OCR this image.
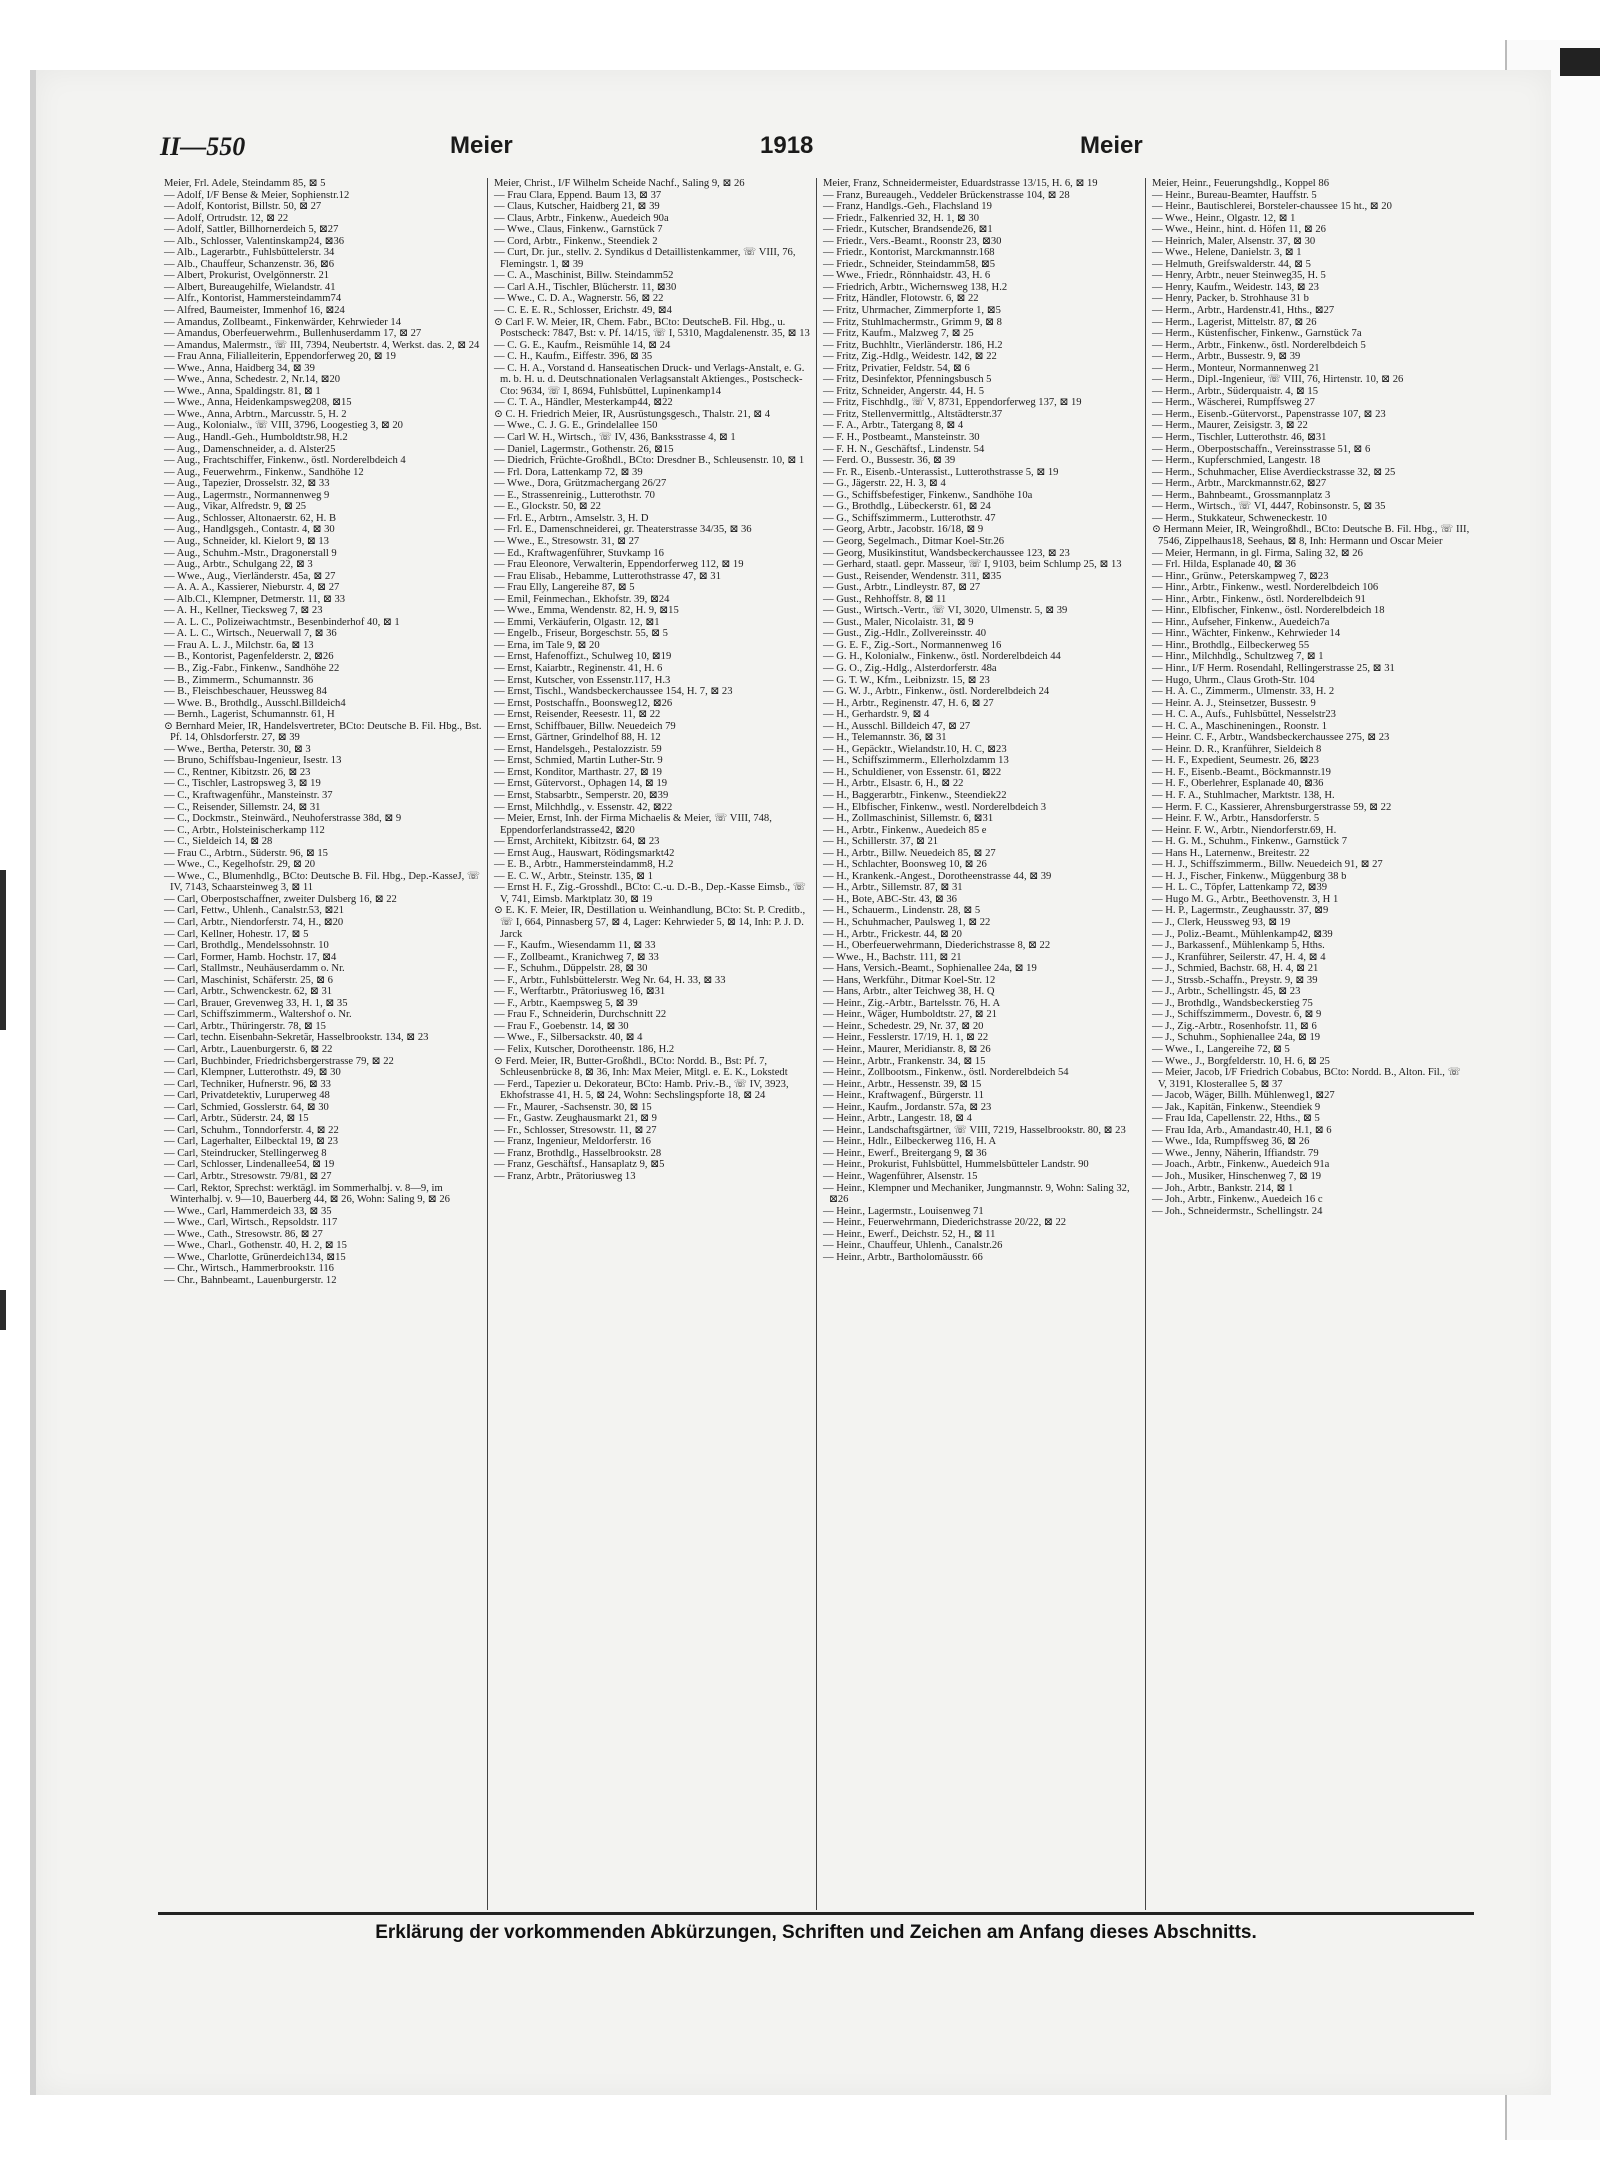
II—550	Meier	1918	Meier

Meier, Frl. Adele, Steindamm 85, ⊠ 5

— Adolf, I/F Bense & Meier, Sophienstr.12

— Adolf, Kontorist, Billstr. 50, ⊠ 27

— Adolf, Ortrudstr. 12, ⊠ 22

— Adolf, Sattler, Billhornerdeich 5, ⊠27

— Alb., Schlosser, Valentinskamp24, ⊠36

— Alb., Lagerarbtr., Fuhlsbüttelerstr. 34

— Alb., Chauffeur, Schanzenstr. 36, ⊠6

— Albert, Prokurist, Ovelgönnerstr. 21

— Albert, Bureaugehilfe, Wielandstr. 41

— Alfr., Kontorist, Hammersteindamm74

— Alfred, Baumeister, Immenhof 16, ⊠24

— Amandus, Zollbeamt., Finkenwärder, Kehrwieder 14

— Amandus, Oberfeuerwehrm., Bullenhuserdamm 17, ⊠ 27

— Amandus, Malermstr., ☏ III, 7394, Neubertstr. 4, Werkst. das. 2, ⊠ 24

— Frau Anna, Filialleiterin, Eppendorferweg 20, ⊠ 19

— Wwe., Anna, Haidberg 34, ⊠ 39

— Wwe., Anna, Schedestr. 2, Nr.14, ⊠20

— Wwe., Anna, Spaldingstr. 81, ⊠ 1

— Wwe., Anna, Heidenkampsweg208, ⊠15

— Wwe., Anna, Arbtrn., Marcusstr. 5, H. 2

— Aug., Kolonialw., ☏ VIII, 3796, Loogestieg 3, ⊠ 20

— Aug., Handl.-Geh., Humboldtstr.98, H.2

— Aug., Damenschneider, a. d. Alster25

— Aug., Frachtschiffer, Finkenw., östl. Norderelbdeich 4

— Aug., Feuerwehrm., Finkenw., Sandhöhe 12

— Aug., Tapezier, Drosselstr. 32, ⊠ 33

— Aug., Lagermstr., Normannenweg 9

— Aug., Vikar, Alfredstr. 9, ⊠ 25

— Aug., Schlosser, Altonaerstr. 62, H. B

— Aug., Handlgsgeh., Contastr. 4, ⊠ 30

— Aug., Schneider, kl. Kielort 9, ⊠ 13

— Aug., Schuhm.-Mstr., Dragonerstall 9

— Aug., Arbtr., Schulgang 22, ⊠ 3

— Wwe., Aug., Vierländerstr. 45a, ⊠ 27

— A. A. A., Kassierer, Nieburstr. 4, ⊠ 27

— Alb.Cl., Klempner, Detmerstr. 11, ⊠ 33

— A. H., Kellner, Tiecksweg 7, ⊠ 23

— A. L. C., Polizeiwachtmstr., Besenbinderhof 40, ⊠ 1

— A. L. C., Wirtsch., Neuerwall 7, ⊠ 36

— Frau A. L. J., Milchstr. 6a, ⊠ 13

— B., Kontorist, Pagenfelderstr. 2, ⊠26

— B., Zig.-Fabr., Finkenw., Sandhöhe 22

— B., Zimmerm., Schumannstr. 36

— B., Fleischbeschauer, Heussweg 84

— Wwe. B., Brothdlg., Ausschl.Billdeich4

— Bernh., Lagerist, Schumannstr. 61, H

⊙ Bernhard Meier, IR, Handelsvertreter, BCto: Deutsche B. Fil. Hbg., Bst. Pf. 14, Ohlsdorferstr. 27, ⊠ 39

— Wwe., Bertha, Peterstr. 30, ⊠ 3

— Bruno, Schiffsbau-Ingenieur, Isestr. 13

— C., Rentner, Kibitzstr. 26, ⊠ 23

— C., Tischler, Lastropsweg 3, ⊠ 19

— C., Kraftwagenführ., Mansteinstr. 37

— C., Reisender, Sillemstr. 24, ⊠ 31

— C., Dockmstr., Steinwärd., Neuhoferstrasse 38d, ⊠ 9

— C., Arbtr., Holsteinischerkamp 112

— C., Sieldeich 14, ⊠ 28

— Frau C., Arbtrn., Süderstr. 96, ⊠ 15

— Wwe., C., Kegelhofstr. 29, ⊠ 20

— Wwe., C., Blumenhdlg., BCto: Deutsche B. Fil. Hbg., Dep.-KasseJ, ☏ IV, 7143, Schaarsteinweg 3, ⊠ 11

— Carl, Oberpostschaffner, zweiter Dulsberg 16, ⊠ 22

— Carl, Fettw., Uhlenh., Canalstr.53, ⊠21

— Carl, Arbtr., Niendorferstr. 74, H., ⊠20

— Carl, Kellner, Hohestr. 17, ⊠ 5

— Carl, Brothdlg., Mendelssohnstr. 10

— Carl, Former, Hamb. Hochstr. 17, ⊠4

— Carl, Stallmstr., Neuhäuserdamm o. Nr.

— Carl, Maschinist, Schäferstr. 25, ⊠ 6

— Carl, Arbtr., Schwenckestr. 62, ⊠ 31

— Carl, Brauer, Grevenweg 33, H. 1, ⊠ 35

— Carl, Schiffszimmerm., Waltershof o. Nr.

— Carl, Arbtr., Thüringerstr. 78, ⊠ 15

— Carl, techn. Eisenbahn-Sekretär, Hasselbrookstr. 134, ⊠ 23

— Carl, Arbtr., Lauenburgerstr. 6, ⊠ 22

— Carl, Buchbinder, Friedrichsbergerstrasse 79, ⊠ 22

— Carl, Klempner, Lutterothstr. 49, ⊠ 30

— Carl, Techniker, Hufnerstr. 96, ⊠ 33

— Carl, Privatdetektiv, Luruperweg 48

— Carl, Schmied, Gosslerstr. 64, ⊠ 30

— Carl, Arbtr., Süderstr. 24, ⊠ 15

— Carl, Schuhm., Tonndorferstr. 4, ⊠ 22

— Carl, Lagerhalter, Eilbecktal 19, ⊠ 23

— Carl, Steindrucker, Stellingerweg 8

— Carl, Schlosser, Lindenallee54, ⊠ 19

— Carl, Arbtr., Stresowstr. 79/81, ⊠ 27

— Carl, Rektor, Sprechst: werktägl. im Sommerhalbj. v. 8—9, im Winterhalbj. v. 9—10, Bauerberg 44, ⊠ 26, Wohn: Saling 9, ⊠ 26

— Wwe., Carl, Hammerdeich 33, ⊠ 35

— Wwe., Carl, Wirtsch., Repsoldstr. 117

— Wwe., Cath., Stresowstr. 86, ⊠ 27

— Wwe., Charl., Gothenstr. 40, H. 2, ⊠ 15

— Wwe., Charlotte, Grünerdeich134, ⊠15

— Chr., Wirtsch., Hammerbrookstr. 116

— Chr., Bahnbeamt., Lauenburgerstr. 12

Meier, Christ., I/F Wilhelm Scheide Nachf., Saling 9, ⊠ 26

— Frau Clara, Eppend. Baum 13, ⊠ 37

— Claus, Kutscher, Haidberg 21, ⊠ 39

— Claus, Arbtr., Finkenw., Auedeich 90a

— Wwe., Claus, Finkenw., Garnstück 7

— Cord, Arbtr., Finkenw., Steendiek 2

— Curt, Dr. jur., stellv. 2. Syndikus d Detaillistenkammer, ☏ VIII, 76, Flemingstr. 1, ⊠ 39

— C. A., Maschinist, Billw. Steindamm52

— Carl A.H., Tischler, Blücherstr. 11, ⊠30

— Wwe., C. D. A., Wagnerstr. 56, ⊠ 22

— C. E. E. R., Schlosser, Erichstr. 49, ⊠4

⊙ Carl F. W. Meier, IR, Chem. Fabr., BCto: DeutscheB. Fil. Hbg., u. Postscheck: 7847, Bst: v. Pf. 14/15, ☏ I, 5310, Magdalenenstr. 35, ⊠ 13

— C. G. E., Kaufm., Reismühle 14, ⊠ 24

— C. H., Kaufm., Eiffestr. 396, ⊠ 35

— C. H. A., Vorstand d. Hanseatischen Druck- und Verlags-Anstalt, e. G. m. b. H. u. d. Deutschnationalen Verlagsanstalt Aktienges., Postscheck-Cto: 9634, ☏ I, 8694, Fuhlsbüttel, Lupinenkamp14

— C. T. A., Händler, Mesterkamp44, ⊠22

⊙ C. H. Friedrich Meier, IR, Ausrüstungsgesch., Thalstr. 21, ⊠ 4

— Wwe., C. J. G. E., Grindelallee 150

— Carl W. H., Wirtsch., ☏ IV, 436, Banksstrasse 4, ⊠ 1

— Daniel, Lagermstr., Gothenstr. 26, ⊠15

— Diedrich, Früchte-Großhdl., BCto: Dresdner B., Schleusenstr. 10, ⊠ 1

— Frl. Dora, Lattenkamp 72, ⊠ 39

— Wwe., Dora, Grützmachergang 26/27

— E., Strassenreinig., Lutterothstr. 70

— E., Glockstr. 50, ⊠ 22

— Frl. E., Arbtrn., Amselstr. 3, H. D

— Frl. E., Damenschneiderei, gr. Theaterstrasse 34/35, ⊠ 36

— Wwe., E., Stresowstr. 31, ⊠ 27

— Ed., Kraftwagenführer, Stuvkamp 16

— Frau Eleonore, Verwalterin, Eppendorferweg 112, ⊠ 19

— Frau Elisab., Hebamme, Lutterothstrasse 47, ⊠ 31

— Frau Elly, Langereihe 87, ⊠ 5

— Emil, Feinmechan., Ekhofstr. 39, ⊠24

— Wwe., Emma, Wendenstr. 82, H. 9, ⊠15

— Emmi, Verkäuferin, Olgastr. 12, ⊠1

— Engelb., Friseur, Borgeschstr. 55, ⊠ 5

— Erna, im Tale 9, ⊠ 20

— Ernst, Hafenoffizt., Schulweg 10, ⊠19

— Ernst, Kaiarbtr., Reginenstr. 41, H. 6

— Ernst, Kutscher, von Essenstr.117, H.3

— Ernst, Tischl., Wandsbeckerchaussee 154, H. 7, ⊠ 23

— Ernst, Postschaffn., Boonsweg12, ⊠26

— Ernst, Reisender, Reesestr. 11, ⊠ 22

— Ernst, Schiffbauer, Billw. Neuedeich 79

— Ernst, Gärtner, Grindelhof 88, H. 12

— Ernst, Handelsgeh., Pestalozzistr. 59

— Ernst, Schmied, Martin Luther-Str. 9

— Ernst, Konditor, Marthastr. 27, ⊠ 19

— Ernst, Gütervorst., Ophagen 14, ⊠ 19

— Ernst, Stabsarbtr., Semperstr. 20, ⊠39

— Ernst, Milchhdlg., v. Essenstr. 42, ⊠22

— Meier, Ernst, Inh. der Firma Michaelis & Meier, ☏ VIII, 748, Eppendorferlandstrasse42, ⊠20

— Ernst, Architekt, Kibitzstr. 64, ⊠ 23

— Ernst Aug., Hauswart, Rödingsmarkt42

— E. B., Arbtr., Hammersteindamm8, H.2

— E. C. W., Arbtr., Steinstr. 135, ⊠ 1

— Ernst H. F., Zig.-Grosshdl., BCto: C.-u. D.-B., Dep.-Kasse Eimsb., ☏ V, 741, Eimsb. Marktplatz 30, ⊠ 19

⊙ E. K. F. Meier, IR, Destillation u. Weinhandlung, BCto: St. P. Creditb., ☏ I, 664, Pinnasberg 57, ⊠ 4, Lager: Kehrwieder 5, ⊠ 14, Inh: P. J. D. Jarck

— F., Kaufm., Wiesendamm 11, ⊠ 33

— F., Zollbeamt., Kranichweg 7, ⊠ 33

— F., Schuhm., Düppelstr. 28, ⊠ 30

— F., Arbtr., Fuhlsbüttelerstr. Weg Nr. 64, H. 33, ⊠ 33

— F., Werftarbtr., Prätoriusweg 16, ⊠31

— F., Arbtr., Kaempsweg 5, ⊠ 39

— Frau F., Schneiderin, Durchschnitt 22

— Frau F., Goebenstr. 14, ⊠ 30

— Wwe., F., Silbersackstr. 40, ⊠ 4

— Felix, Kutscher, Dorotheenstr. 186, H.2

⊙ Ferd. Meier, IR, Butter-Großhdl., BCto: Nordd. B., Bst: Pf. 7, Schleusenbrücke 8, ⊠ 36, Inh: Max Meier, Mitgl. e. E. K., Lokstedt

— Ferd., Tapezier u. Dekorateur, BCto: Hamb. Priv.-B., ☏ IV, 3923, Ekhofstrasse 41, H. 5, ⊠ 24, Wohn: Sechslingspforte 18, ⊠ 24

— Fr., Maurer, -Sachsenstr. 30, ⊠ 15

— Fr., Gastw. Zeughausmarkt 21, ⊠ 9

— Fr., Schlosser, Stresowstr. 11, ⊠ 27

— Franz, Ingenieur, Meldorferstr. 16

— Franz, Brothdlg., Hasselbrookstr. 28

— Franz, Geschäftsf., Hansaplatz 9, ⊠5

— Franz, Arbtr., Prätoriusweg 13

Meier, Franz, Schneidermeister, Eduardstrasse 13/15, H. 6, ⊠ 19

— Franz, Bureaugeh., Veddeler Brückenstrasse 104, ⊠ 28

— Franz, Handlgs.-Geh., Flachsland 19

— Friedr., Falkenried 32, H. 1, ⊠ 30

— Friedr., Kutscher, Brandsende26, ⊠1

— Friedr., Vers.-Beamt., Roonstr 23, ⊠30

— Friedr., Kontorist, Marckmannstr.168

— Friedr., Schneider, Steindamm58, ⊠5

— Wwe., Friedr., Rönnhaidstr. 43, H. 6

— Friedrich, Arbtr., Wichernsweg 138, H.2

— Fritz, Händler, Flotowstr. 6, ⊠ 22

— Fritz, Uhrmacher, Zimmerpforte 1, ⊠5

— Fritz, Stuhlmachermstr., Grimm 9, ⊠ 8

— Fritz, Kaufm., Malzweg 7, ⊠ 25

— Fritz, Buchhltr., Vierländerstr. 186, H.2

— Fritz, Zig.-Hdlg., Weidestr. 142, ⊠ 22

— Fritz, Privatier, Feldstr. 54, ⊠ 6

— Fritz, Desinfektor, Pfenningsbusch 5

— Fritz, Schneider, Angerstr. 44, H. 5

— Fritz, Fischhdlg., ☏ V, 8731, Eppendorferweg 137, ⊠ 19

— Fritz, Stellenvermittlg., Altstädterstr.37

— F. A., Arbtr., Tatergang 8, ⊠ 4

— F. H., Postbeamt., Mansteinstr. 30

— F. H. N., Geschäftsf., Lindenstr. 54

— Ferd. O., Bussestr. 36, ⊠ 39

— Fr. R., Eisenb.-Unterassist., Lutterothstrasse 5, ⊠ 19

— G., Jägerstr. 22, H. 3, ⊠ 4

— G., Schiffsbefestiger, Finkenw., Sandhöhe 10a

— G., Brothdlg., Lübeckerstr. 61, ⊠ 24

— G., Schiffszimmerm., Lutterothstr. 47

— Georg, Arbtr., Jacobstr. 16/18, ⊠ 9

— Georg, Segelmach., Ditmar Koel-Str.26

— Georg, Musikinstitut, Wandsbeckerchaussee 123, ⊠ 23

— Gerhard, staatl. gepr. Masseur, ☏ I, 9103, beim Schlump 25, ⊠ 13

— Gust., Reisender, Wendenstr. 311, ⊠35

— Gust., Arbtr., Lindleystr. 87, ⊠ 27

— Gust., Rehhoffstr. 8, ⊠ 11

— Gust., Wirtsch.-Vertr., ☏ VI, 3020, Ulmenstr. 5, ⊠ 39

— Gust., Maler, Nicolaistr. 31, ⊠ 9

— Gust., Zig.-Hdlr., Zollvereinsstr. 40

— G. E. F., Zig.-Sort., Normannenweg 16

— G. H., Kolonialw., Finkenw., östl. Norderelbdeich 44

— G. O., Zig.-Hdlg., Alsterdorferstr. 48a

— G. T. W., Kfm., Leibnizstr. 15, ⊠ 23

— G. W. J., Arbtr., Finkenw., östl. Norderelbdeich 24

— H., Arbtr., Reginenstr. 47, H. 6, ⊠ 27

— H., Gerhardstr. 9, ⊠ 4

— H., Ausschl. Billdeich 47, ⊠ 27

— H., Telemannstr. 36, ⊠ 31

— H., Gepäcktr., Wielandstr.10, H. C, ⊠23

— H., Schiffszimmerm., Ellerholzdamm 13

— H., Schuldiener, von Essenstr. 61, ⊠22

— H., Arbtr., Elsastr. 6, H., ⊠ 22

— H., Baggerarbtr., Finkenw., Steendiek22

— H., Elbfischer, Finkenw., westl. Norderelbdeich 3

— H., Zollmaschinist, Sillemstr. 6, ⊠31

— H., Arbtr., Finkenw., Auedeich 85 e

— H., Schillerstr. 37, ⊠ 21

— H., Arbtr., Billw. Neuedeich 85, ⊠ 27

— H., Schlachter, Boonsweg 10, ⊠ 26

— H., Krankenk.-Angest., Dorotheenstrasse 44, ⊠ 39

— H., Arbtr., Sillemstr. 87, ⊠ 31

— H., Bote, ABC-Str. 43, ⊠ 36

— H., Schauerm., Lindenstr. 28, ⊠ 5

— H., Schuhmacher, Paulsweg 1, ⊠ 22

— H., Arbtr., Frickestr. 44, ⊠ 20

— H., Oberfeuerwehrmann, Diederichstrasse 8, ⊠ 22

— Wwe., H., Bachstr. 111, ⊠ 21

— Hans, Versich.-Beamt., Sophienallee 24a, ⊠ 19

— Hans, Werkführ., Ditmar Koel-Str. 12

— Hans, Arbtr., alter Teichweg 38, H. Q

— Heinr., Zig.-Arbtr., Bartelsstr. 76, H. A

— Heinr., Wäger, Humboldtstr. 27, ⊠ 21

— Heinr., Schedestr. 29, Nr. 37, ⊠ 20

— Heinr., Fesslerstr. 17/19, H. 1, ⊠ 22

— Heinr., Maurer, Meridianstr. 8, ⊠ 26

— Heinr., Arbtr., Frankenstr. 34, ⊠ 15

— Heinr., Zollbootsm., Finkenw., östl. Norderelbdeich 54

— Heinr., Arbtr., Hessenstr. 39, ⊠ 15

— Heinr., Kraftwagenf., Bürgerstr. 11

— Heinr., Kaufm., Jordanstr. 57a, ⊠ 23

— Heinr., Arbtr., Langestr. 18, ⊠ 4

— Heinr., Landschaftsgärtner, ☏ VIII, 7219, Hasselbrookstr. 80, ⊠ 23

— Heinr., Hdlr., Eilbeckerweg 116, H. A

— Heinr., Ewerf., Breitergang 9, ⊠ 36

— Heinr., Prokurist, Fuhlsbüttel, Hummelsbütteler Landstr. 90

— Heinr., Wagenführer, Alsenstr. 15

— Heinr., Klempner und Mechaniker, Jungmannstr. 9, Wohn: Saling 32, ⊠26

— Heinr., Lagermstr., Louisenweg 71

— Heinr., Feuerwehrmann, Diederichstrasse 20/22, ⊠ 22

— Heinr., Ewerf., Deichstr. 52, H., ⊠ 11

— Heinr., Chauffeur, Uhlenh., Canalstr.26

— Heinr., Arbtr., Bartholomäusstr. 66

Meier, Heinr., Feuerungshdlg., Koppel 86

— Heinr., Bureau-Beamter, Hauffstr. 5

— Heinr., Bautischlerei, Borsteler-chaussee 15 ht., ⊠ 20

— Wwe., Heinr., Olgastr. 12, ⊠ 1

— Wwe., Heinr., hint. d. Höfen 11, ⊠ 26

— Heinrich, Maler, Alsenstr. 37, ⊠ 30

— Wwe., Helene, Danielstr. 3, ⊠ 1

— Helmuth, Greifswalderstr. 44, ⊠ 5

— Henry, Arbtr., neuer Steinweg35, H. 5

— Henry, Kaufm., Weidestr. 143, ⊠ 23

— Henry, Packer, b. Strohhause 31 b

— Herm., Arbtr., Hardenstr.41, Hths., ⊠27

— Herm., Lagerist, Mittelstr. 87, ⊠ 26

— Herm., Küstenfischer, Finkenw., Garnstück 7a

— Herm., Arbtr., Finkenw., östl. Norderelbdeich 5

— Herm., Arbtr., Bussestr. 9, ⊠ 39

— Herm., Monteur, Normannenweg 21

— Herm., Dipl.-Ingenieur, ☏ VIII, 76, Hirtenstr. 10, ⊠ 26

— Herm., Arbtr., Süderquaistr. 4, ⊠ 15

— Herm., Wäscherei, Rumpffsweg 27

— Herm., Eisenb.-Gütervorst., Papenstrasse 107, ⊠ 23

— Herm., Maurer, Zeisigstr. 3, ⊠ 22

— Herm., Tischler, Lutterothstr. 46, ⊠31

— Herm., Oberpostschaffn., Vereinsstrasse 51, ⊠ 6

— Herm., Kupferschmied, Langestr. 18

— Herm., Schuhmacher, Elise Averdieckstrasse 32, ⊠ 25

— Herm., Arbtr., Marckmannstr.62, ⊠27

— Herm., Bahnbeamt., Grossmannplatz 3

— Herm., Wirtsch., ☏ VI, 4447, Robinsonstr. 5, ⊠ 35

— Herm., Stukkateur, Schweneckestr. 10

⊙ Hermann Meier, IR, Weingroßhdl., BCto: Deutsche B. Fil. Hbg., ☏ III, 7546, Zippelhaus18, Seehaus, ⊠ 8, Inh: Hermann und Oscar Meier

— Meier, Hermann, in gl. Firma, Saling 32, ⊠ 26

— Frl. Hilda, Esplanade 40, ⊠ 36

— Hinr., Grünw., Peterskampweg 7, ⊠23

— Hinr., Arbtr., Finkenw., westl. Norderelbdeich 106

— Hinr., Arbtr., Finkenw., östl. Norderelbdeich 91

— Hinr., Elbfischer, Finkenw., östl. Norderelbdeich 18

— Hinr., Aufseher, Finkenw., Auedeich7a

— Hinr., Wächter, Finkenw., Kehrwieder 14

— Hinr., Brothdlg., Eilbeckerweg 55

— Hinr., Milchhdlg., Schultzweg 7, ⊠ 1

— Hinr., I/F Herm. Rosendahl, Rellingerstrasse 25, ⊠ 31

— Hugo, Uhrm., Claus Groth-Str. 104

— H. A. C., Zimmerm., Ulmenstr. 33, H. 2

— Heinr. A. J., Steinsetzer, Bussestr. 9

— H. C. A., Aufs., Fuhlsbüttel, Nesselstr23

— H. C. A., Maschineningen., Roonstr. 1

— Heinr. C. F., Arbtr., Wandsbeckerchaussee 275, ⊠ 23

— Heinr. D. R., Kranführer, Sieldeich 8

— H. F., Expedient, Seumestr. 26, ⊠23

— H. F., Eisenb.-Beamt., Böckmannstr.19

— H. F., Oberlehrer, Esplanade 40, ⊠36

— H. F. A., Stuhlmacher, Marktstr. 138, H.

— Herm. F. C., Kassierer, Ahrensburgerstrasse 59, ⊠ 22

— Heinr. F. W., Arbtr., Hansdorferstr. 5

— Heinr. F. W., Arbtr., Niendorferstr.69, H.

— H. G. M., Schuhm., Finkenw., Garnstück 7

— Hans H., Laternenw., Breitestr. 22

— H. J., Schiffszimmerm., Billw. Neuedeich 91, ⊠ 27

— H. J., Fischer, Finkenw., Müggenburg 38 b

— H. L. C., Töpfer, Lattenkamp 72, ⊠39

— Hugo M. G., Arbtr., Beethovenstr. 3, H 1

— H. P., Lagermstr., Zeughausstr. 37, ⊠9

— J., Clerk, Heussweg 93, ⊠ 19

— J., Poliz.-Beamt., Mühlenkamp42, ⊠39

— J., Barkassenf., Mühlenkamp 5, Hths.

— J., Kranführer, Seilerstr. 47, H. 4, ⊠ 4

— J., Schmied, Bachstr. 68, H. 4, ⊠ 21

— J., Strssb.-Schaffn., Preystr. 9, ⊠ 39

— J., Arbtr., Schellingstr. 45, ⊠ 23

— J., Brothdlg., Wandsbeckerstieg 75

— J., Schiffszimmerm., Dovestr. 6, ⊠ 9

— J., Zig.-Arbtr., Rosenhofstr. 11, ⊠ 6

— J., Schuhm., Sophienallee 24a, ⊠ 19

— Wwe., I., Langereihe 72, ⊠ 5

— Wwe., J., Borgfelderstr. 10, H. 6, ⊠ 25

— Meier, Jacob, I/F Friedrich Cobabus, BCto: Nordd. B., Alton. Fil., ☏ V, 3191, Klosterallee 5, ⊠ 37

— Jacob, Wäger, Billh. Mühlenweg1, ⊠27

— Jak., Kapitän, Finkenw., Steendiek 9

— Frau Ida, Capellenstr. 22, Hths., ⊠ 5

— Frau Ida, Arb., Amandastr.40, H.1, ⊠ 6

— Wwe., Ida, Rumpffsweg 36, ⊠ 26

— Wwe., Jenny, Näherin, Iffiandstr. 79

— Joach., Arbtr., Finkenw., Auedeich 91a

— Joh., Musiker, Hinschenweg 7, ⊠ 19

— Joh., Arbtr., Bankstr. 214, ⊠ 1

— Joh., Arbtr., Finkenw., Auedeich 16 c

— Joh., Schneidermstr., Schellingstr. 24

Erklärung der vorkommenden Abkürzungen, Schriften und Zeichen am Anfang dieses Abschnitts.
